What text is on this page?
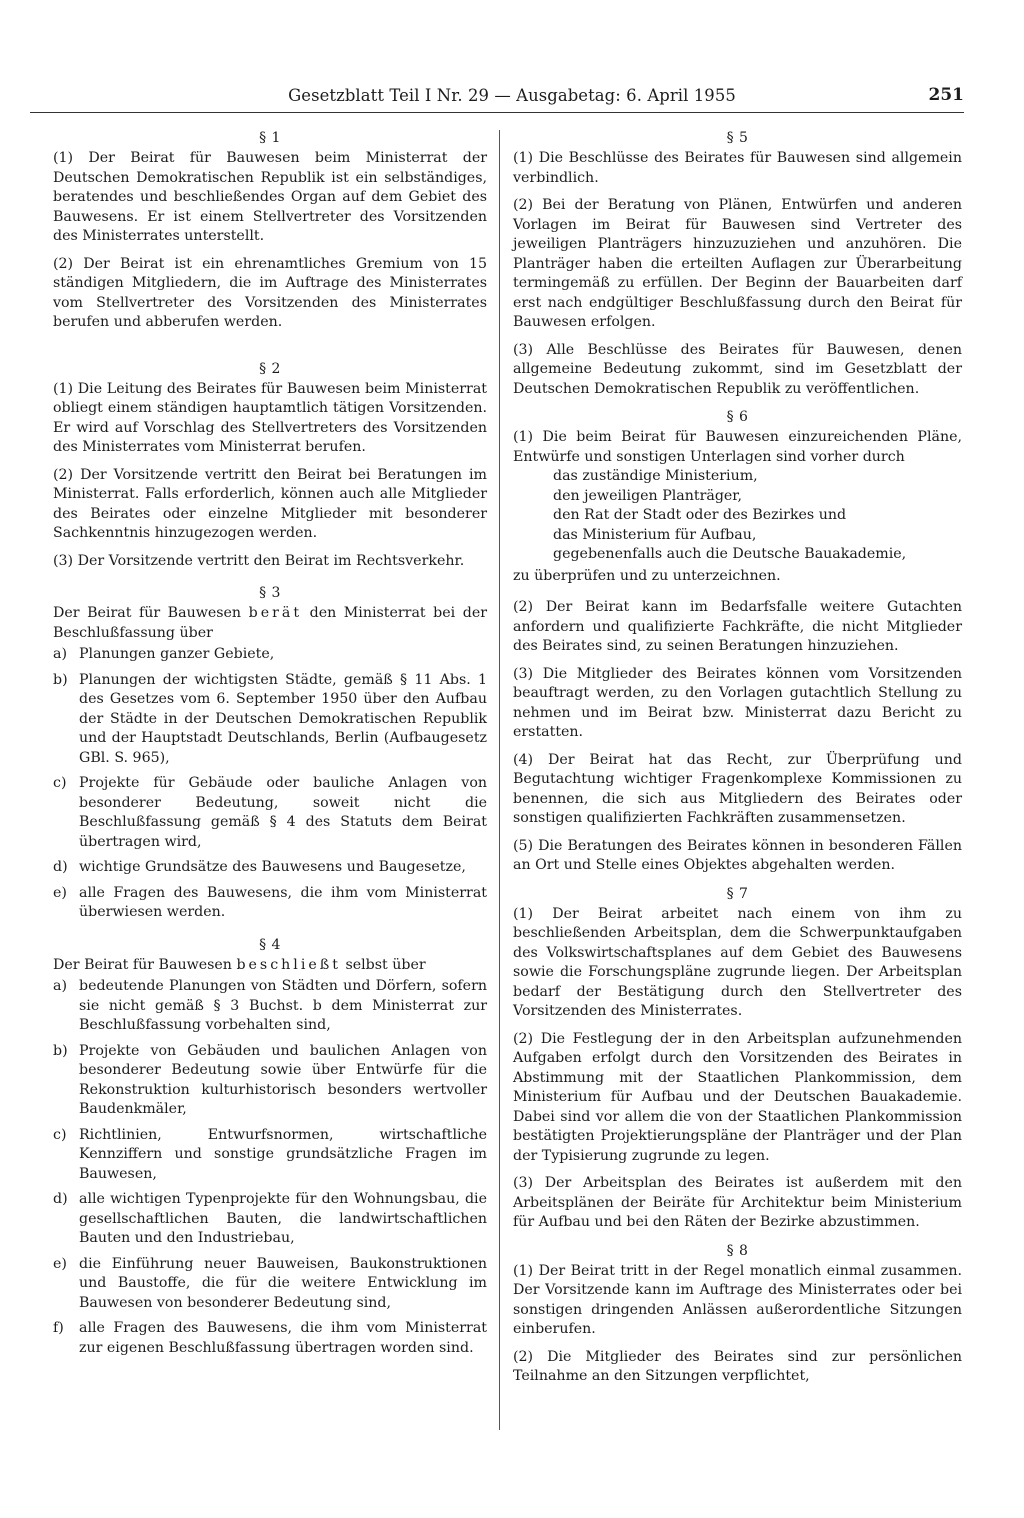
Gesetzblatt Teil I Nr. 29 — Ausgabetag: 6. April 1955	251
§ 1

(1) Der Beirat für Bauwesen beim Ministerrat der Deutschen Demokratischen Republik ist ein selbständiges, beratendes und beschließendes Organ auf dem Gebiet des Bauwesens. Er ist einem Stellvertreter des Vorsitzenden des Ministerrates unterstellt.

(2) Der Beirat ist ein ehrenamtliches Gremium von 15 ständigen Mitgliedern, die im Auftrage des Ministerrates vom Stellvertreter des Vorsitzenden des Ministerrates berufen und abberufen werden.

§ 2

(1) Die Leitung des Beirates für Bauwesen beim Ministerrat obliegt einem ständigen hauptamtlich tätigen Vorsitzenden. Er wird auf Vorschlag des Stellvertreters des Vorsitzenden des Ministerrates vom Ministerrat berufen.

(2) Der Vorsitzende vertritt den Beirat bei Beratungen im Ministerrat. Falls erforderlich, können auch alle Mitglieder des Beirates oder einzelne Mitglieder mit besonderer Sachkenntnis hinzugezogen werden.

(3) Der Vorsitzende vertritt den Beirat im Rechtsverkehr.

§ 3

Der Beirat für Bauwesen berät den Ministerrat bei der Beschlußfassung über

a) Planungen ganzer Gebiete,
b) Planungen der wichtigsten Städte, gemäß § 11 Abs. 1 des Gesetzes vom 6. September 1950 über den Aufbau der Städte in der Deutschen Demokratischen Republik und der Hauptstadt Deutschlands, Berlin (Aufbaugesetz GBl. S. 965),
c) Projekte für Gebäude oder bauliche Anlagen von besonderer Bedeutung, soweit nicht die Beschlußfassung gemäß § 4 des Statuts dem Beirat übertragen wird,
d) wichtige Grundsätze des Bauwesens und Baugesetze,
e) alle Fragen des Bauwesens, die ihm vom Ministerrat überwiesen werden.
§ 4

Der Beirat für Bauwesen beschließt selbst über

a) bedeutende Planungen von Städten und Dörfern, sofern sie nicht gemäß § 3 Buchst. b dem Ministerrat zur Beschlußfassung vorbehalten sind,
b) Projekte von Gebäuden und baulichen Anlagen von besonderer Bedeutung sowie über Entwürfe für die Rekonstruktion kulturhistorisch besonders wertvoller Baudenkmäler,
c) Richtlinien, Entwurfsnormen, wirtschaftliche Kennziffern und sonstige grundsätzliche Fragen im Bauwesen,
d) alle wichtigen Typenprojekte für den Wohnungsbau, die gesellschaftlichen Bauten, die landwirtschaftlichen Bauten und den Industriebau,
e) die Einführung neuer Bauweisen, Baukonstruktionen und Baustoffe, die für die weitere Entwicklung im Bauwesen von besonderer Bedeutung sind,
f) alle Fragen des Bauwesens, die ihm vom Ministerrat zur eigenen Beschlußfassung übertragen worden sind.
§ 5

(1) Die Beschlüsse des Beirates für Bauwesen sind allgemein verbindlich.

(2) Bei der Beratung von Plänen, Entwürfen und anderen Vorlagen im Beirat für Bauwesen sind Vertreter des jeweiligen Planträgers hinzuzuziehen und anzuhören. Die Planträger haben die erteilten Auflagen zur Überarbeitung termingemäß zu erfüllen. Der Beginn der Bauarbeiten darf erst nach endgültiger Beschlußfassung durch den Beirat für Bauwesen erfolgen.

(3) Alle Beschlüsse des Beirates für Bauwesen, denen allgemeine Bedeutung zukommt, sind im Gesetzblatt der Deutschen Demokratischen Republik zu veröffentlichen.

§ 6

(1) Die beim Beirat für Bauwesen einzureichenden Pläne, Entwürfe und sonstigen Unterlagen sind vorher durch

das zuständige Ministerium,
den jeweiligen Planträger,
den Rat der Stadt oder des Bezirkes und
das Ministerium für Aufbau,
gegebenenfalls auch die Deutsche Bauakademie,

zu überprüfen und zu unterzeichnen.

(2) Der Beirat kann im Bedarfsfalle weitere Gutachten anfordern und qualifizierte Fachkräfte, die nicht Mitglieder des Beirates sind, zu seinen Beratungen hinzuziehen.

(3) Die Mitglieder des Beirates können vom Vorsitzenden beauftragt werden, zu den Vorlagen gutachtlich Stellung zu nehmen und im Beirat bzw. Ministerrat dazu Bericht zu erstatten.

(4) Der Beirat hat das Recht, zur Überprüfung und Begutachtung wichtiger Fragenkomplexe Kommissionen zu benennen, die sich aus Mitgliedern des Beirates oder sonstigen qualifizierten Fachkräften zusammensetzen.

(5) Die Beratungen des Beirates können in besonderen Fällen an Ort und Stelle eines Objektes abgehalten werden.

§ 7

(1) Der Beirat arbeitet nach einem von ihm zu beschließenden Arbeitsplan, dem die Schwerpunktaufgaben des Volkswirtschaftsplanes auf dem Gebiet des Bauwesens sowie die Forschungspläne zugrunde liegen. Der Arbeitsplan bedarf der Bestätigung durch den Stellvertreter des Vorsitzenden des Ministerrates.

(2) Die Festlegung der in den Arbeitsplan aufzunehmenden Aufgaben erfolgt durch den Vorsitzenden des Beirates in Abstimmung mit der Staatlichen Plankommission, dem Ministerium für Aufbau und der Deutschen Bauakademie. Dabei sind vor allem die von der Staatlichen Plankommission bestätigten Projektierungspläne der Planträger und der Plan der Typisierung zugrunde zu legen.

(3) Der Arbeitsplan des Beirates ist außerdem mit den Arbeitsplänen der Beiräte für Architektur beim Ministerium für Aufbau und bei den Räten der Bezirke abzustimmen.

§ 8

(1) Der Beirat tritt in der Regel monatlich einmal zusammen. Der Vorsitzende kann im Auftrage des Ministerrates oder bei sonstigen dringenden Anlässen außerordentliche Sitzungen einberufen.

(2) Die Mitglieder des Beirates sind zur persönlichen Teilnahme an den Sitzungen verpflichtet,
